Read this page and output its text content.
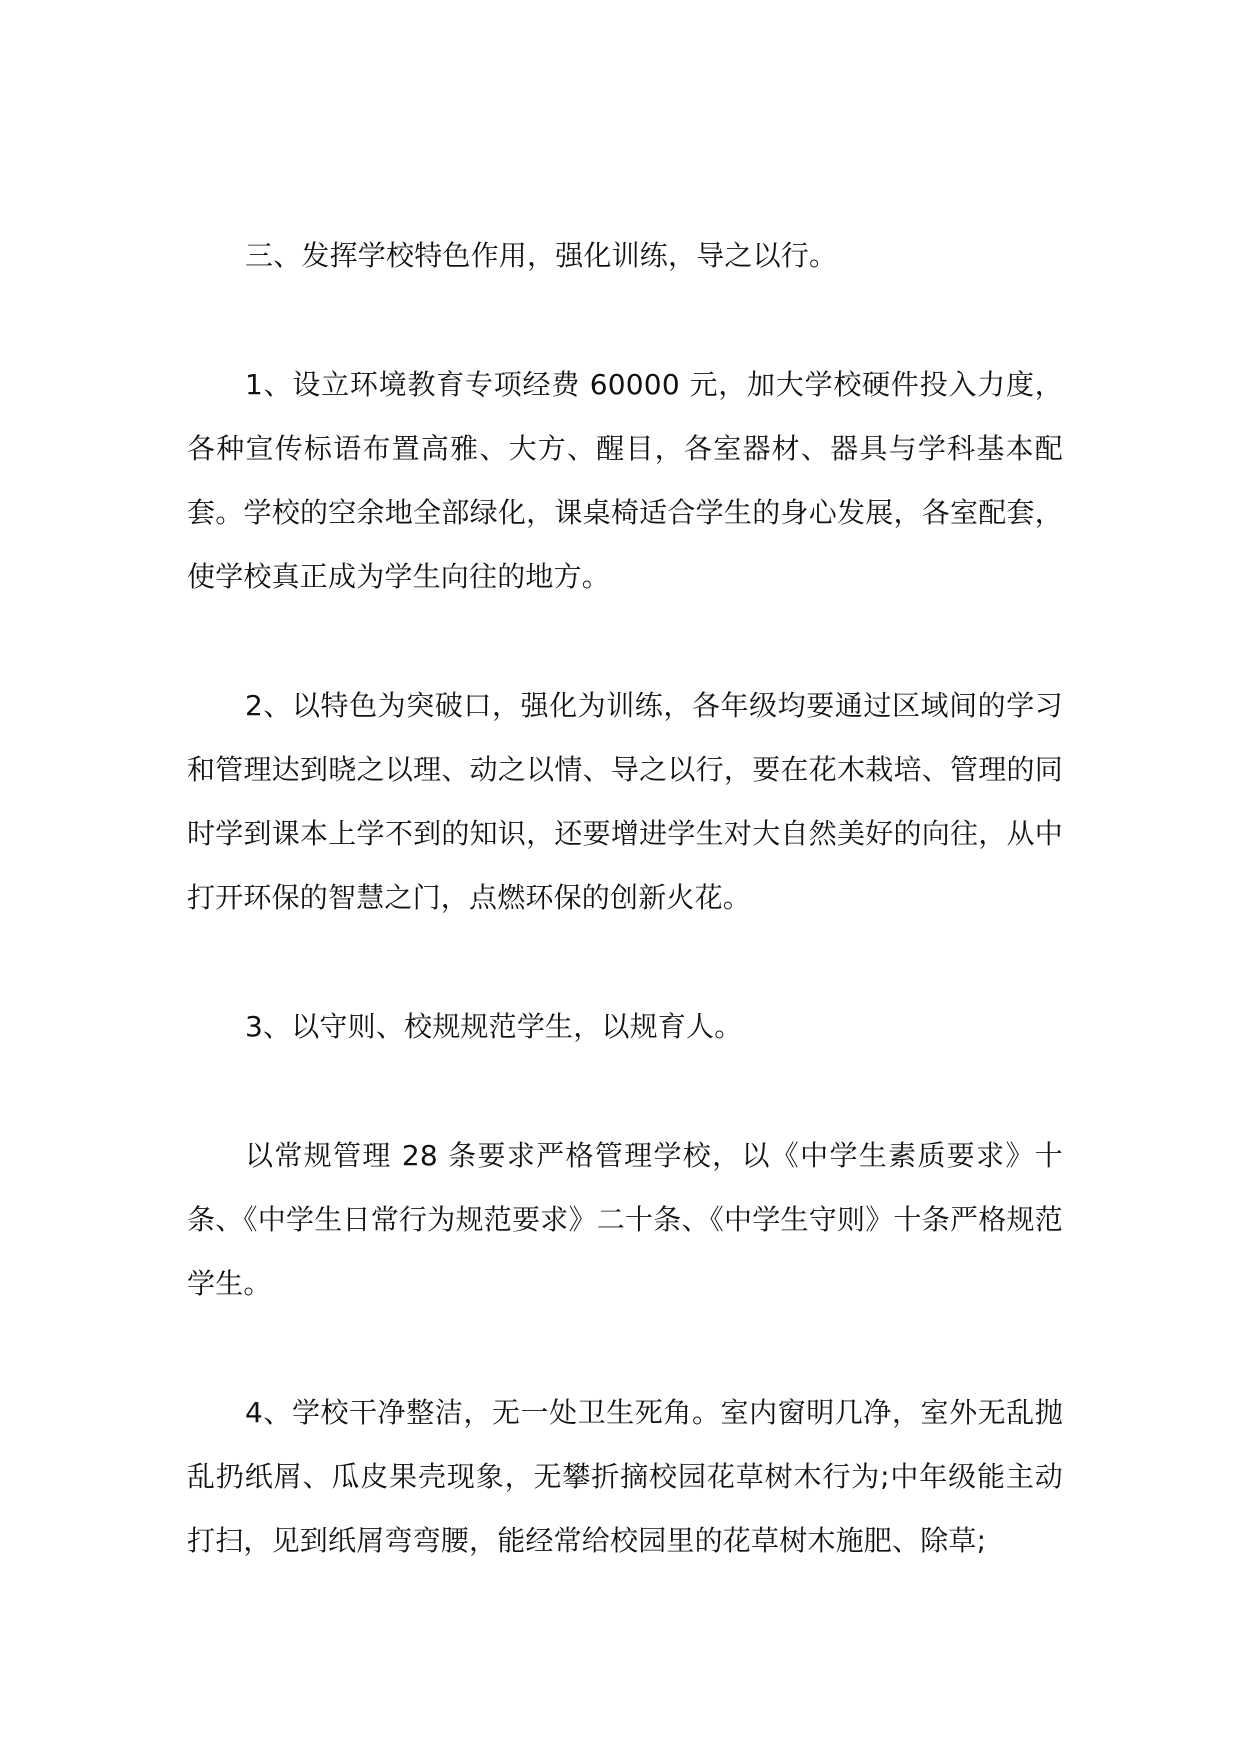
三、发挥学校特色作用，强化训练，导之以行。

1、设立环境教育专项经费 60000 元，加大学校硬件投入力度，各种宣传标语布置高雅、大方、醒目，各室器材、器具与学科基本配套。学校的空余地全部绿化，课桌椅适合学生的身心发展，各室配套，使学校真正成为学生向往的地方。

2、以特色为突破口，强化为训练，各年级均要通过区域间的学习和管理达到晓之以理、动之以情、导之以行，要在花木栽培、管理的同时学到课本上学不到的知识，还要增进学生对大自然美好的向往，从中打开环保的智慧之门，点燃环保的创新火花。

3、以守则、校规规范学生，以规育人。

以常规管理 28 条要求严格管理学校，以《中学生素质要求》十条、《中学生日常行为规范要求》二十条、《中学生守则》十条严格规范学生。

4、学校干净整洁，无一处卫生死角。室内窗明几净，室外无乱抛乱扔纸屑、瓜皮果壳现象，无攀折摘校园花草树木行为;中年级能主动打扫，见到纸屑弯弯腰，能经常给校园里的花草树木施肥、除草;
